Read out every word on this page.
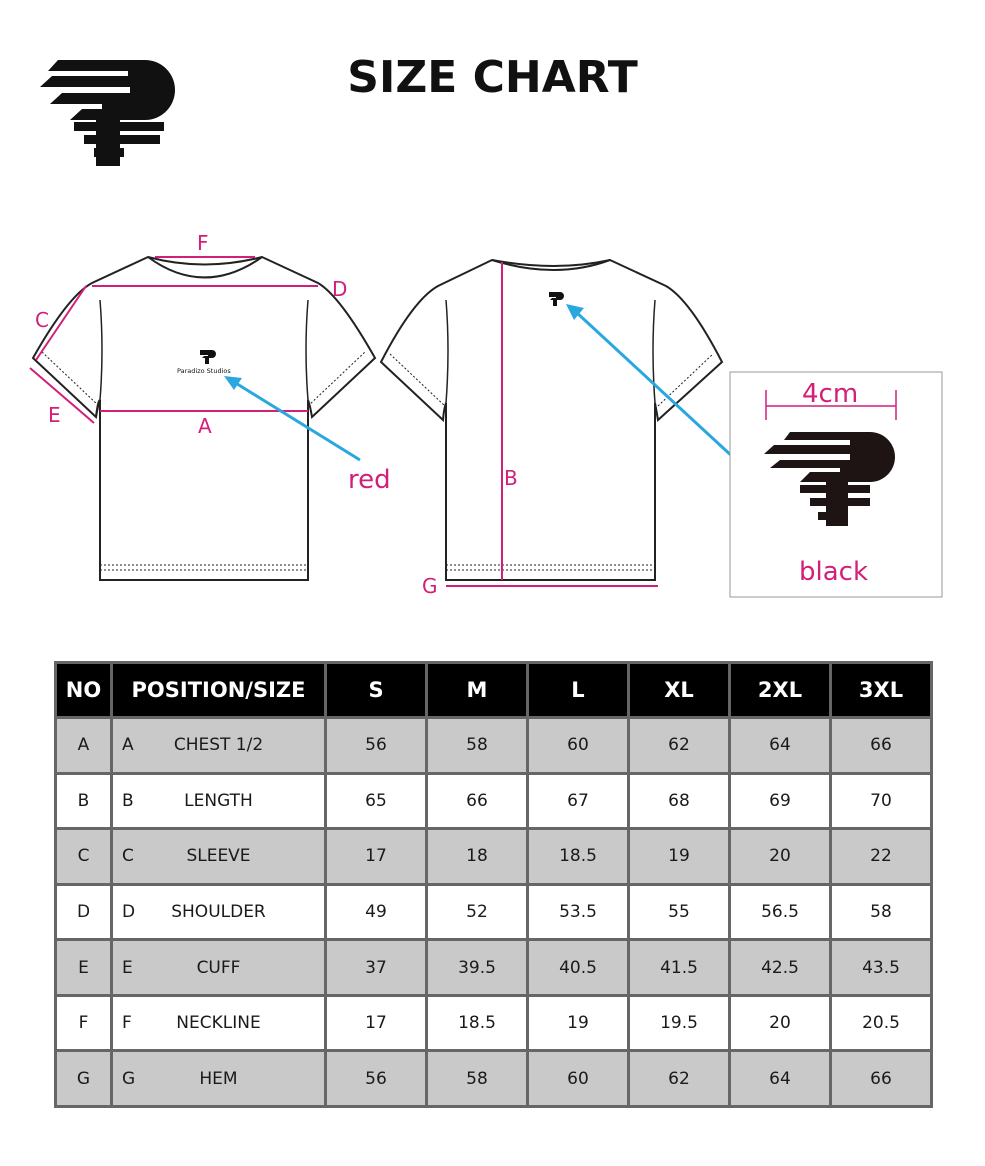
SIZE CHART
Paradizo Studios
F
D
C
E	A
red	B
G
4cm
black
NO	POSITION/SIZE	S	M	L	XL	2XL	3XL
A	A CHEST 1/2	56	58	60	62	64	66
B	B LENGTH	65	66	67	68	69	70
C	C SLEEVE	17	18	18.5	19	20	22
D	D SHOULDER	49	52	53.5	55	56.5	58
E	E CUFF	37	39.5	40.5	41.5	42.5	43.5
F	F NECKLINE	17	18.5	19	19.5	20	20.5
G	G HEM	56	58	60	62	64	66
